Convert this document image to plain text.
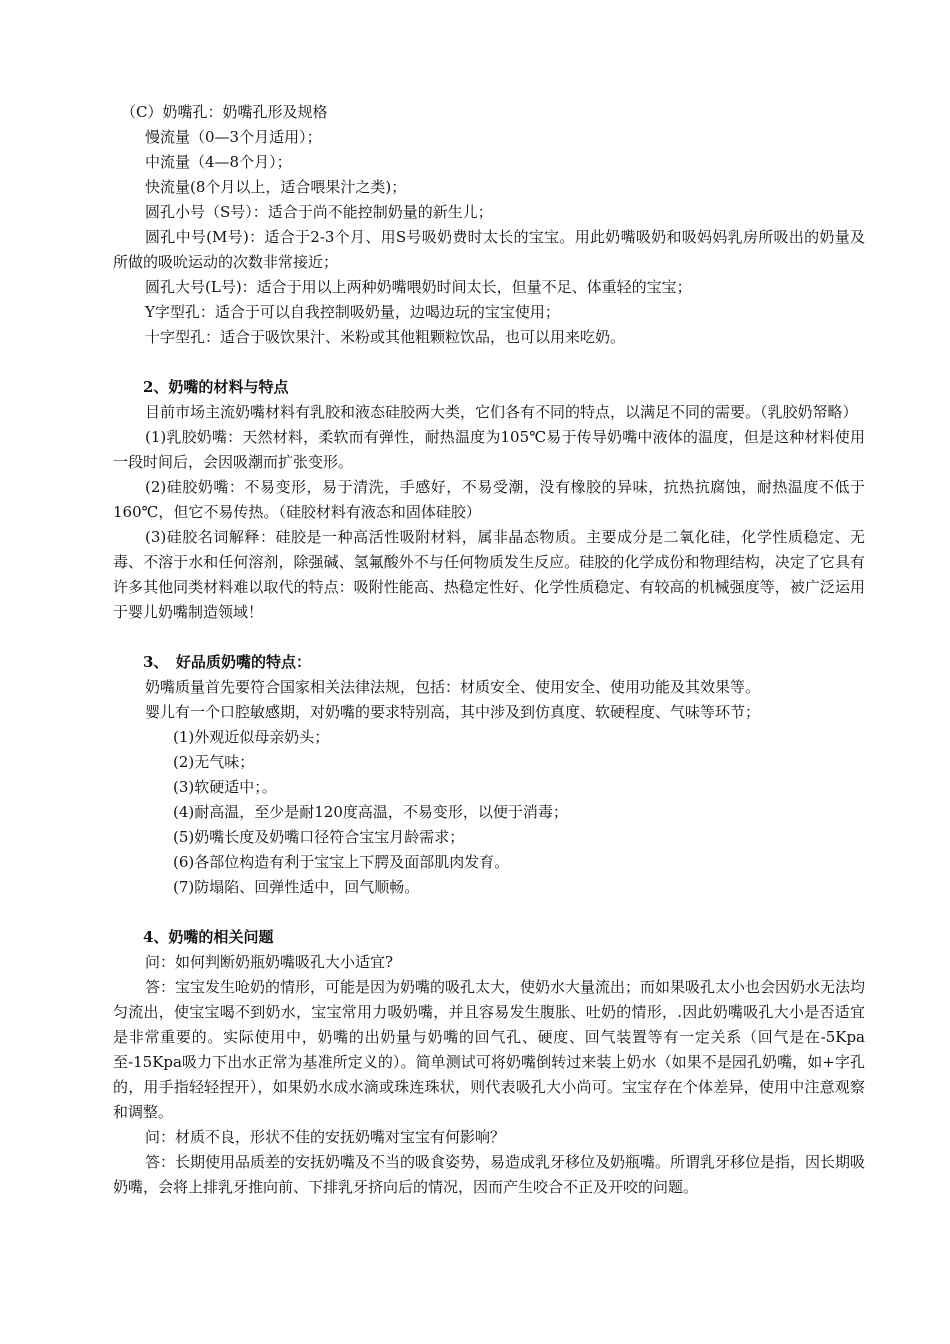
（C）奶嘴孔：奶嘴孔形及规格
慢流量（0—3个月适用）；
中流量（4—8个月）；
快流量(8个月以上，适合喂果汁之类)；
圆孔小号（S号）：适合于尚不能控制奶量的新生儿；
圆孔中号(M号)：适合于2-3个月、用S号吸奶费时太长的宝宝。用此奶嘴吸奶和吸妈妈乳房所吸出的奶量及所做的吸吮运动的次数非常接近；
圆孔大号(L号)：适合于用以上两种奶嘴喂奶时间太长，但量不足、体重轻的宝宝；
Y字型孔：适合于可以自我控制吸奶量，边喝边玩的宝宝使用；
十字型孔：适合于吸饮果汁、米粉或其他粗颗粒饮品，也可以用来吃奶。
2、奶嘴的材料与特点
目前市场主流奶嘴材料有乳胶和液态硅胶两大类，它们各有不同的特点，以满足不同的需要。（乳胶奶帑略）
(1)乳胶奶嘴：天然材料，柔软而有弹性，耐热温度为105℃易于传导奶嘴中液体的温度，但是这种材料使用一段时间后，会因吸潮而扩张变形。
(2)硅胶奶嘴：不易变形，易于清洗，手感好，不易受潮，没有橡胶的异味，抗热抗腐蚀，耐热温度不低于160℃，但它不易传热。（硅胶材料有液态和固体硅胶）
(3)硅胶名词解释：硅胶是一种高活性吸附材料，属非晶态物质。主要成分是二氧化硅，化学性质稳定、无毒、不溶于水和任何溶剂，除强碱、氢氟酸外不与任何物质发生反应。硅胶的化学成份和物理结构，决定了它具有许多其他同类材料难以取代的特点：吸附性能高、热稳定性好、化学性质稳定、有较高的机械强度等，被广泛运用于婴儿奶嘴制造领域！
3、　好品质奶嘴的特点：
奶嘴质量首先要符合国家相关法律法规，包括：材质安全、使用安全、使用功能及其效果等。
婴儿有一个口腔敏感期，对奶嘴的要求特别高，其中涉及到仿真度、软硬程度、气味等环节；
(1)外观近似母亲奶头；
(2)无气味；
(3)软硬适中；。
(4)耐高温，至少是耐120度高温，不易变形，以便于消毒；
(5)奶嘴长度及奶嘴口径符合宝宝月龄需求；
(6)各部位构造有利于宝宝上下腭及面部肌肉发育。
(7)防塌陷、回弹性适中，回气顺畅。
4、奶嘴的相关问题
问：如何判断奶瓶奶嘴吸孔大小适宜?
答：宝宝发生呛奶的情形，可能是因为奶嘴的吸孔太大，使奶水大量流出；而如果吸孔太小也会因奶水无法均匀流出，使宝宝喝不到奶水，宝宝常用力吸奶嘴，并且容易发生腹胀、吐奶的情形，.因此奶嘴吸孔大小是否适宜是非常重要的。实际使用中，奶嘴的出奶量与奶嘴的回气孔、硬度、回气装置等有一定关系（回气是在-5Kpa至-15Kpa吸力下出水正常为基准所定义的）。简单测试可将奶嘴倒转过来装上奶水（如果不是园孔奶嘴，如+字孔的，用手指轻轻捏开），如果奶水成水滴或珠连珠状，则代表吸孔大小尚可。宝宝存在个体差异，使用中注意观察和调整。
问：材质不良，形状不佳的安抚奶嘴对宝宝有何影响？
答：长期使用品质差的安抚奶嘴及不当的吸食姿势，易造成乳牙移位及奶瓶嘴。所谓乳牙移位是指，因长期吸奶嘴，会将上排乳牙推向前、下排乳牙挤向后的情况，因而产生咬合不正及开咬的问题。
